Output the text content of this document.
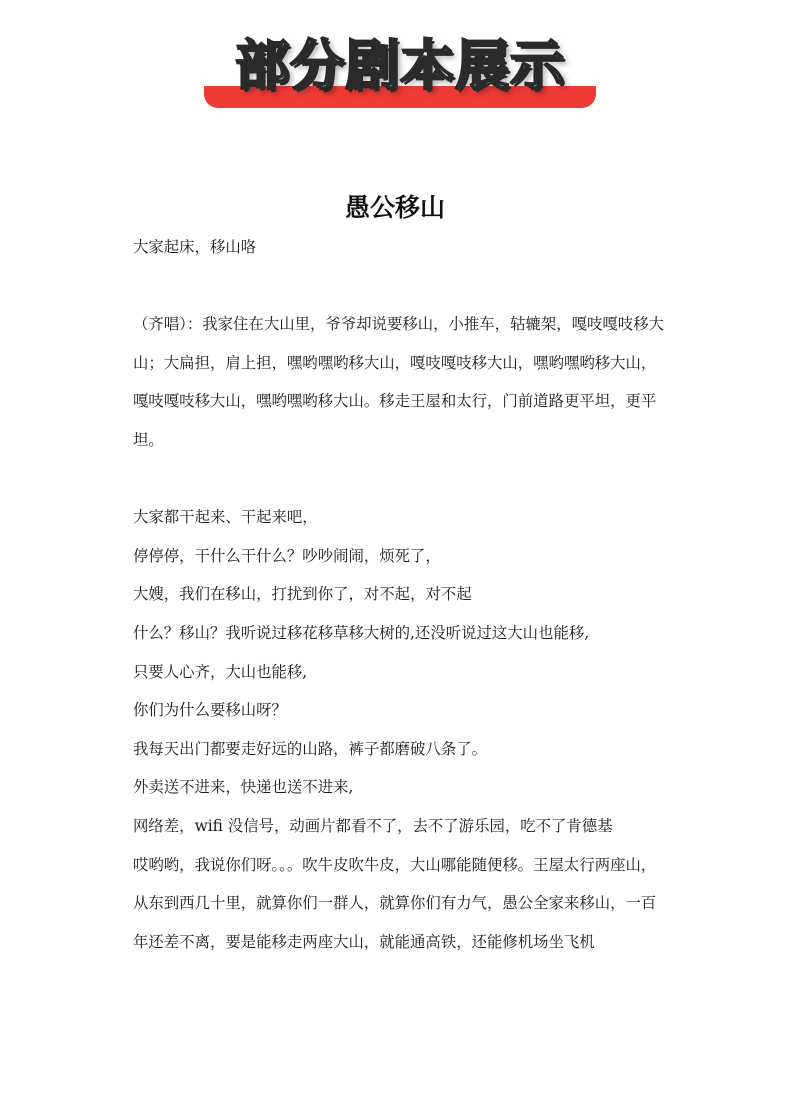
部分剧本展示
愚公移山

大家起床，移山咯

（齐唱）：我家住在大山里，爷爷却说要移山，小推车，轱辘架，嘎吱嘎吱移大山；大扁担，肩上担，嘿哟嘿哟移大山，嘎吱嘎吱移大山，嘿哟嘿哟移大山，嘎吱嘎吱移大山，嘿哟嘿哟移大山。移走王屋和太行，门前道路更平坦，更平坦。

大家都干起来、干起来吧，

停停停，干什么干什么？吵吵闹闹，烦死了，

大嫂，我们在移山，打扰到你了，对不起，对不起

什么？移山？我听说过移花移草移大树的,还没听说过这大山也能移,

只要人心齐，大山也能移,

你们为什么要移山呀？

我每天出门都要走好远的山路，裤子都磨破八条了。

外卖送不进来，快递也送不进来,

网络差，wifi 没信号，动画片都看不了，去不了游乐园，吃不了肯德基

哎哟哟，我说你们呀。。。吹牛皮吹牛皮，大山哪能随便移。王屋太行两座山，从东到西几十里，就算你们一群人，就算你们有力气，愚公全家来移山，一百年还差不离，要是能移走两座大山，就能通高铁，还能修机场坐飞机
